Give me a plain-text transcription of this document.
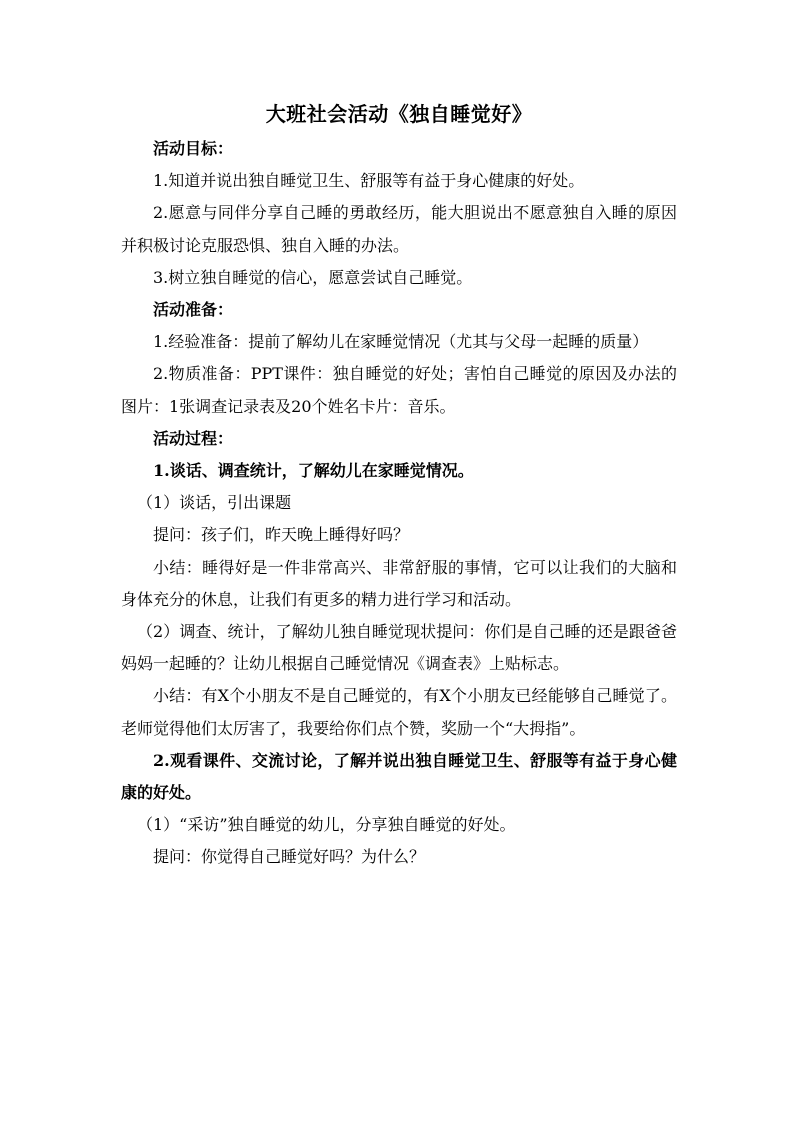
大班社会活动《独自睡觉好》

活动目标：

1.知道并说出独自睡觉卫生、舒服等有益于身心健康的好处。

2.愿意与同伴分享自己睡的勇敢经历，能大胆说出不愿意独自入睡的原因并积极讨论克服恐惧、独自入睡的办法。

3.树立独自睡觉的信心，愿意尝试自己睡觉。

活动准备：

1.经验准备：提前了解幼儿在家睡觉情况（尤其与父母一起睡的质量）

2.物质准备：PPT课件：独自睡觉的好处；害怕自己睡觉的原因及办法的图片：1张调查记录表及20个姓名卡片：音乐。

活动过程：

1.谈话、调查统计，了解幼儿在家睡觉情况。

（1）谈话，引出课题

提问：孩子们，昨天晚上睡得好吗？

小结：睡得好是一件非常高兴、非常舒服的事情，它可以让我们的大脑和身体充分的休息，让我们有更多的精力进行学习和活动。

（2）调查、统计，了解幼儿独自睡觉现状提问：你们是自己睡的还是跟爸爸妈妈一起睡的？让幼儿根据自己睡觉情况《调查表》上贴标志。

小结：有X个小朋友不是自己睡觉的，有X个小朋友已经能够自己睡觉了。老师觉得他们太厉害了，我要给你们点个赞，奖励一个“大拇指”。

2.观看课件、交流讨论，了解并说出独自睡觉卫生、舒服等有益于身心健康的好处。

（1）“采访”独自睡觉的幼儿，分享独自睡觉的好处。

提问：你觉得自己睡觉好吗？为什么？
